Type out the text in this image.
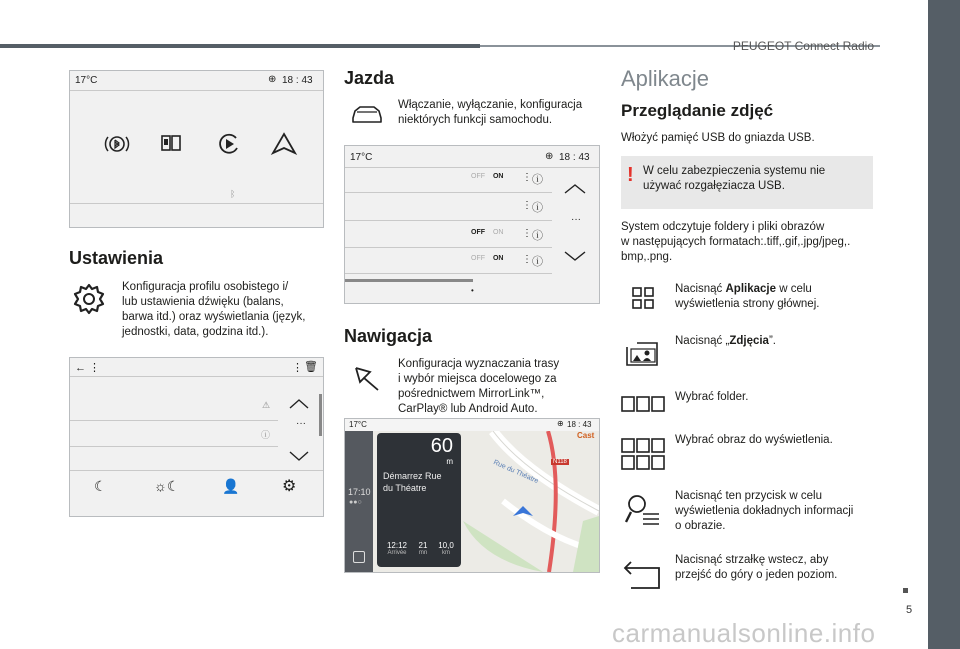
PEUGEOT Connect Radio
5
carmanualsonline.info
17°C	⊕ 18 : 43
ᛒ
Ustawienia
Konfiguracja profilu osobistego i/
lub ustawienia dźwięku (balans,
barwa itd.) oraz wyświetlania (język,
jednostki, data, godzina itd.).
← ⋮	⋮ 🗑
⚠
ⓘ
···
☾	☼☾	👤	⚙
Jazda
Włączanie, wyłączanie, konfiguracja
niektórych funkcji samochodu.
17°C	⊕ 18 : 43
OFF ON ⋮ ⓘ
⋮ ⓘ
OFF ON ⋮ ⓘ
OFF ON ⋮ ⓘ
···
•
Nawigacja
Konfiguracja wyznaczania trasy
i wybór miejsca docelowego za
pośrednictwem MirrorLink™,
CarPlay® lub Android Auto.
17°C	⊕ 18 : 43
17:10
●●○
Rue du Théatre	N118
Cast
60
m
Démarrez Rue
du Théatre
12:12
Arrivée
21
mn
10,0
km
Aplikacje
Przeglądanie zdjęć
Włożyć pamięć USB do gniazda USB.
! W celu zabezpieczenia systemu nie
używać rozgałęziacza USB.
System odczytuje foldery i pliki obrazów
w następujących formatach:.tiff,.gif,.jpg/jpeg,.
bmp,.png.
Nacisnąć Aplikacje w celu
wyświetlenia strony głównej.
Nacisnąć „Zdjęcia”.
Wybrać folder.
Wybrać obraz do wyświetlenia.
Nacisnąć ten przycisk w celu
wyświetlenia dokładnych informacji
o obrazie.
Nacisnąć strzałkę wstecz, aby
przejść do góry o jeden poziom.
